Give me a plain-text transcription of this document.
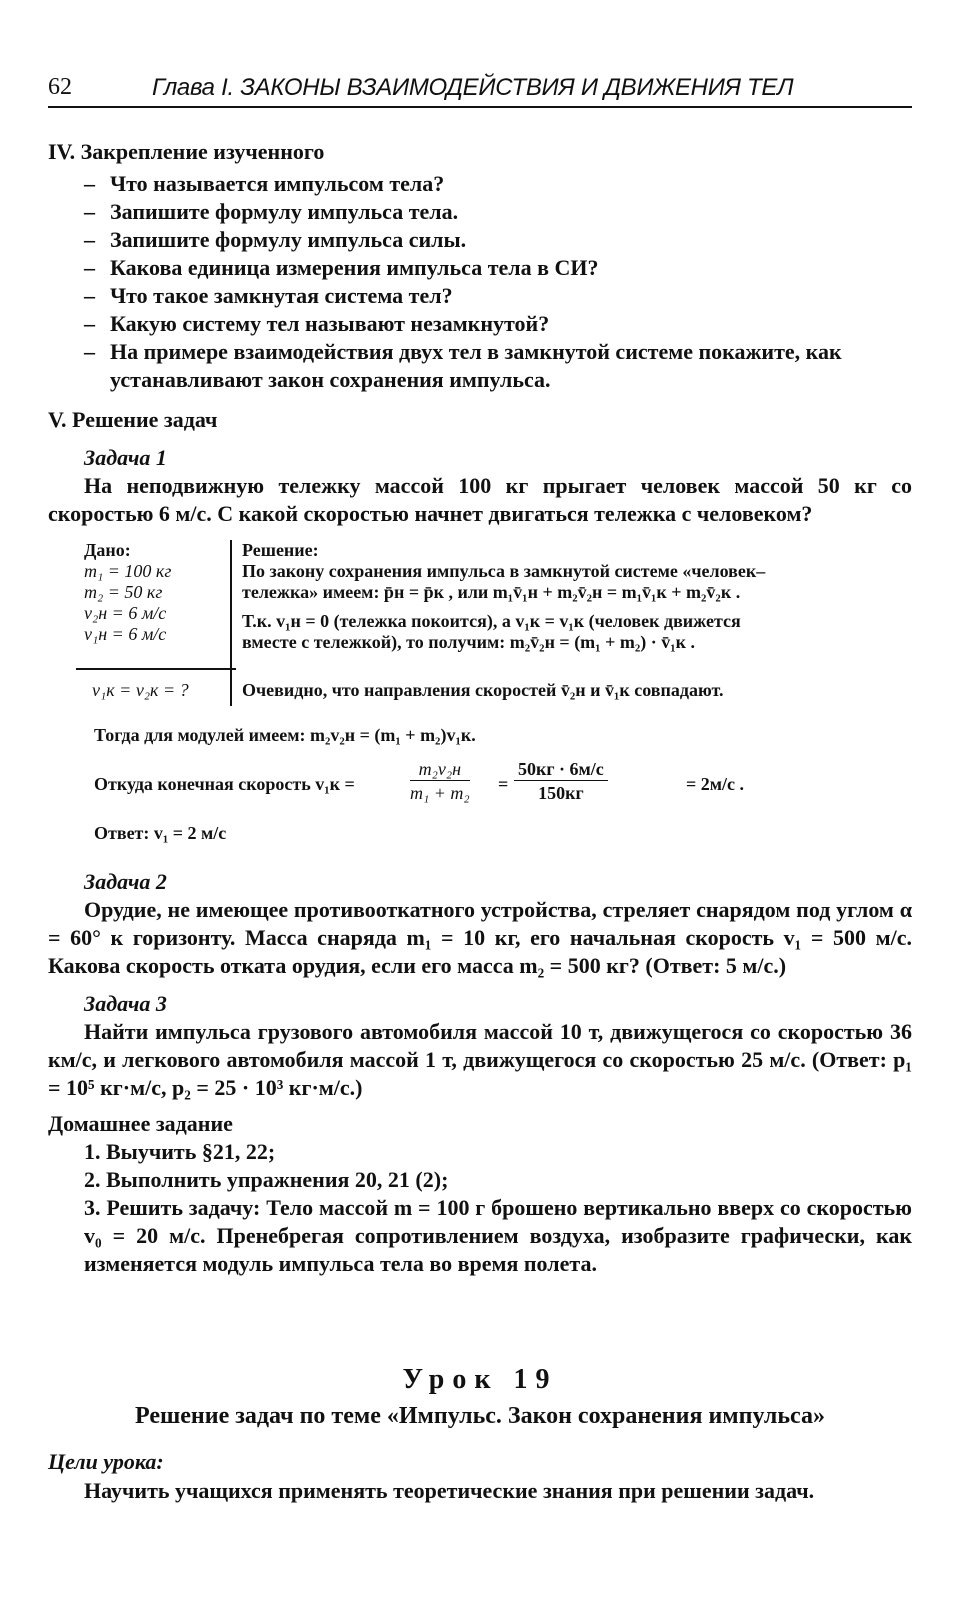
62	Глава I. ЗАКОНЫ ВЗАИМОДЕЙСТВИЯ И ДВИЖЕНИЯ ТЕЛ
IV. Закрепление изученного
– Что называется импульсом тела?
– Запишите формулу импульса тела.
– Запишите формулу импульса силы.
– Какова единица измерения импульса тела в СИ?
– Что такое замкнутая система тел?
– Какую систему тел называют незамкнутой?
– На примере взаимодействия двух тел в замкнутой системе покажите, как устанавливают закон сохранения импульса.
V. Решение задач
Задача 1
На неподвижную тележку массой 100 кг прыгает человек массой 50 кг со скоростью 6 м/с. С какой скоростью начнет двигаться тележка с человеком?
Дано:
m₁ = 100 кг
m₂ = 50 кг
v₂н = 6 м/с
v₁н = 6 м/с
v₁к = v₂к = ?
Решение:
По закону сохранения импульса в замкнутой системе «человек–
тележка» имеем: p̄н = p̄к , или m₁v̄₁н + m₂v̄₂н = m₁v̄₁к + m₂v̄₂к .
Т.к. v₁н = 0 (тележка покоится), а v₁к = v₁к (человек движется
вместе с тележкой), то получим: m₂v̄₂н = (m₁ + m₂) · v̄₁к .
Очевидно, что направления скоростей v̄₂н и v̄₁к совпадают.
Тогда для модулей имеем: m₂v₂н = (m₁ + m₂)v₁к.
Откуда конечная скорость v₁к =
m₂v₂н
m₁ + m₂ =
50кг · 6м/с
150кг	= 2м/с .
Ответ: v₁ = 2 м/с
Задача 2
Орудие, не имеющее противооткатного устройства, стреляет снарядом под углом α = 60° к горизонту. Масса снаряда m₁ = 10 кг, его начальная скорость v₁ = 500 м/с. Какова скорость отката орудия, если его масса m₂ = 500 кг? (Ответ: 5 м/с.)
Задача 3
Найти импульса грузового автомобиля массой 10 т, движущегося со скоростью 36 км/с, и легкового автомобиля массой 1 т, движущегося со скоростью 25 м/с. (Ответ: p₁ = 10⁵ кг·м/с, p₂ = 25 · 10³ кг·м/с.)
Домашнее задание
1. Выучить §21, 22;
2. Выполнить упражнения 20, 21 (2);
3. Решить задачу: Тело массой m = 100 г брошено вертикально вверх со скоростью v₀ = 20 м/с. Пренебрегая сопротивлением воздуха, изобразите графически, как изменяется модуль импульса тела во время полета.
Урок 19
Решение задач по теме «Импульс. Закон сохранения импульса»
Цели урока:
Научить учащихся применять теоретические знания при решении задач.
